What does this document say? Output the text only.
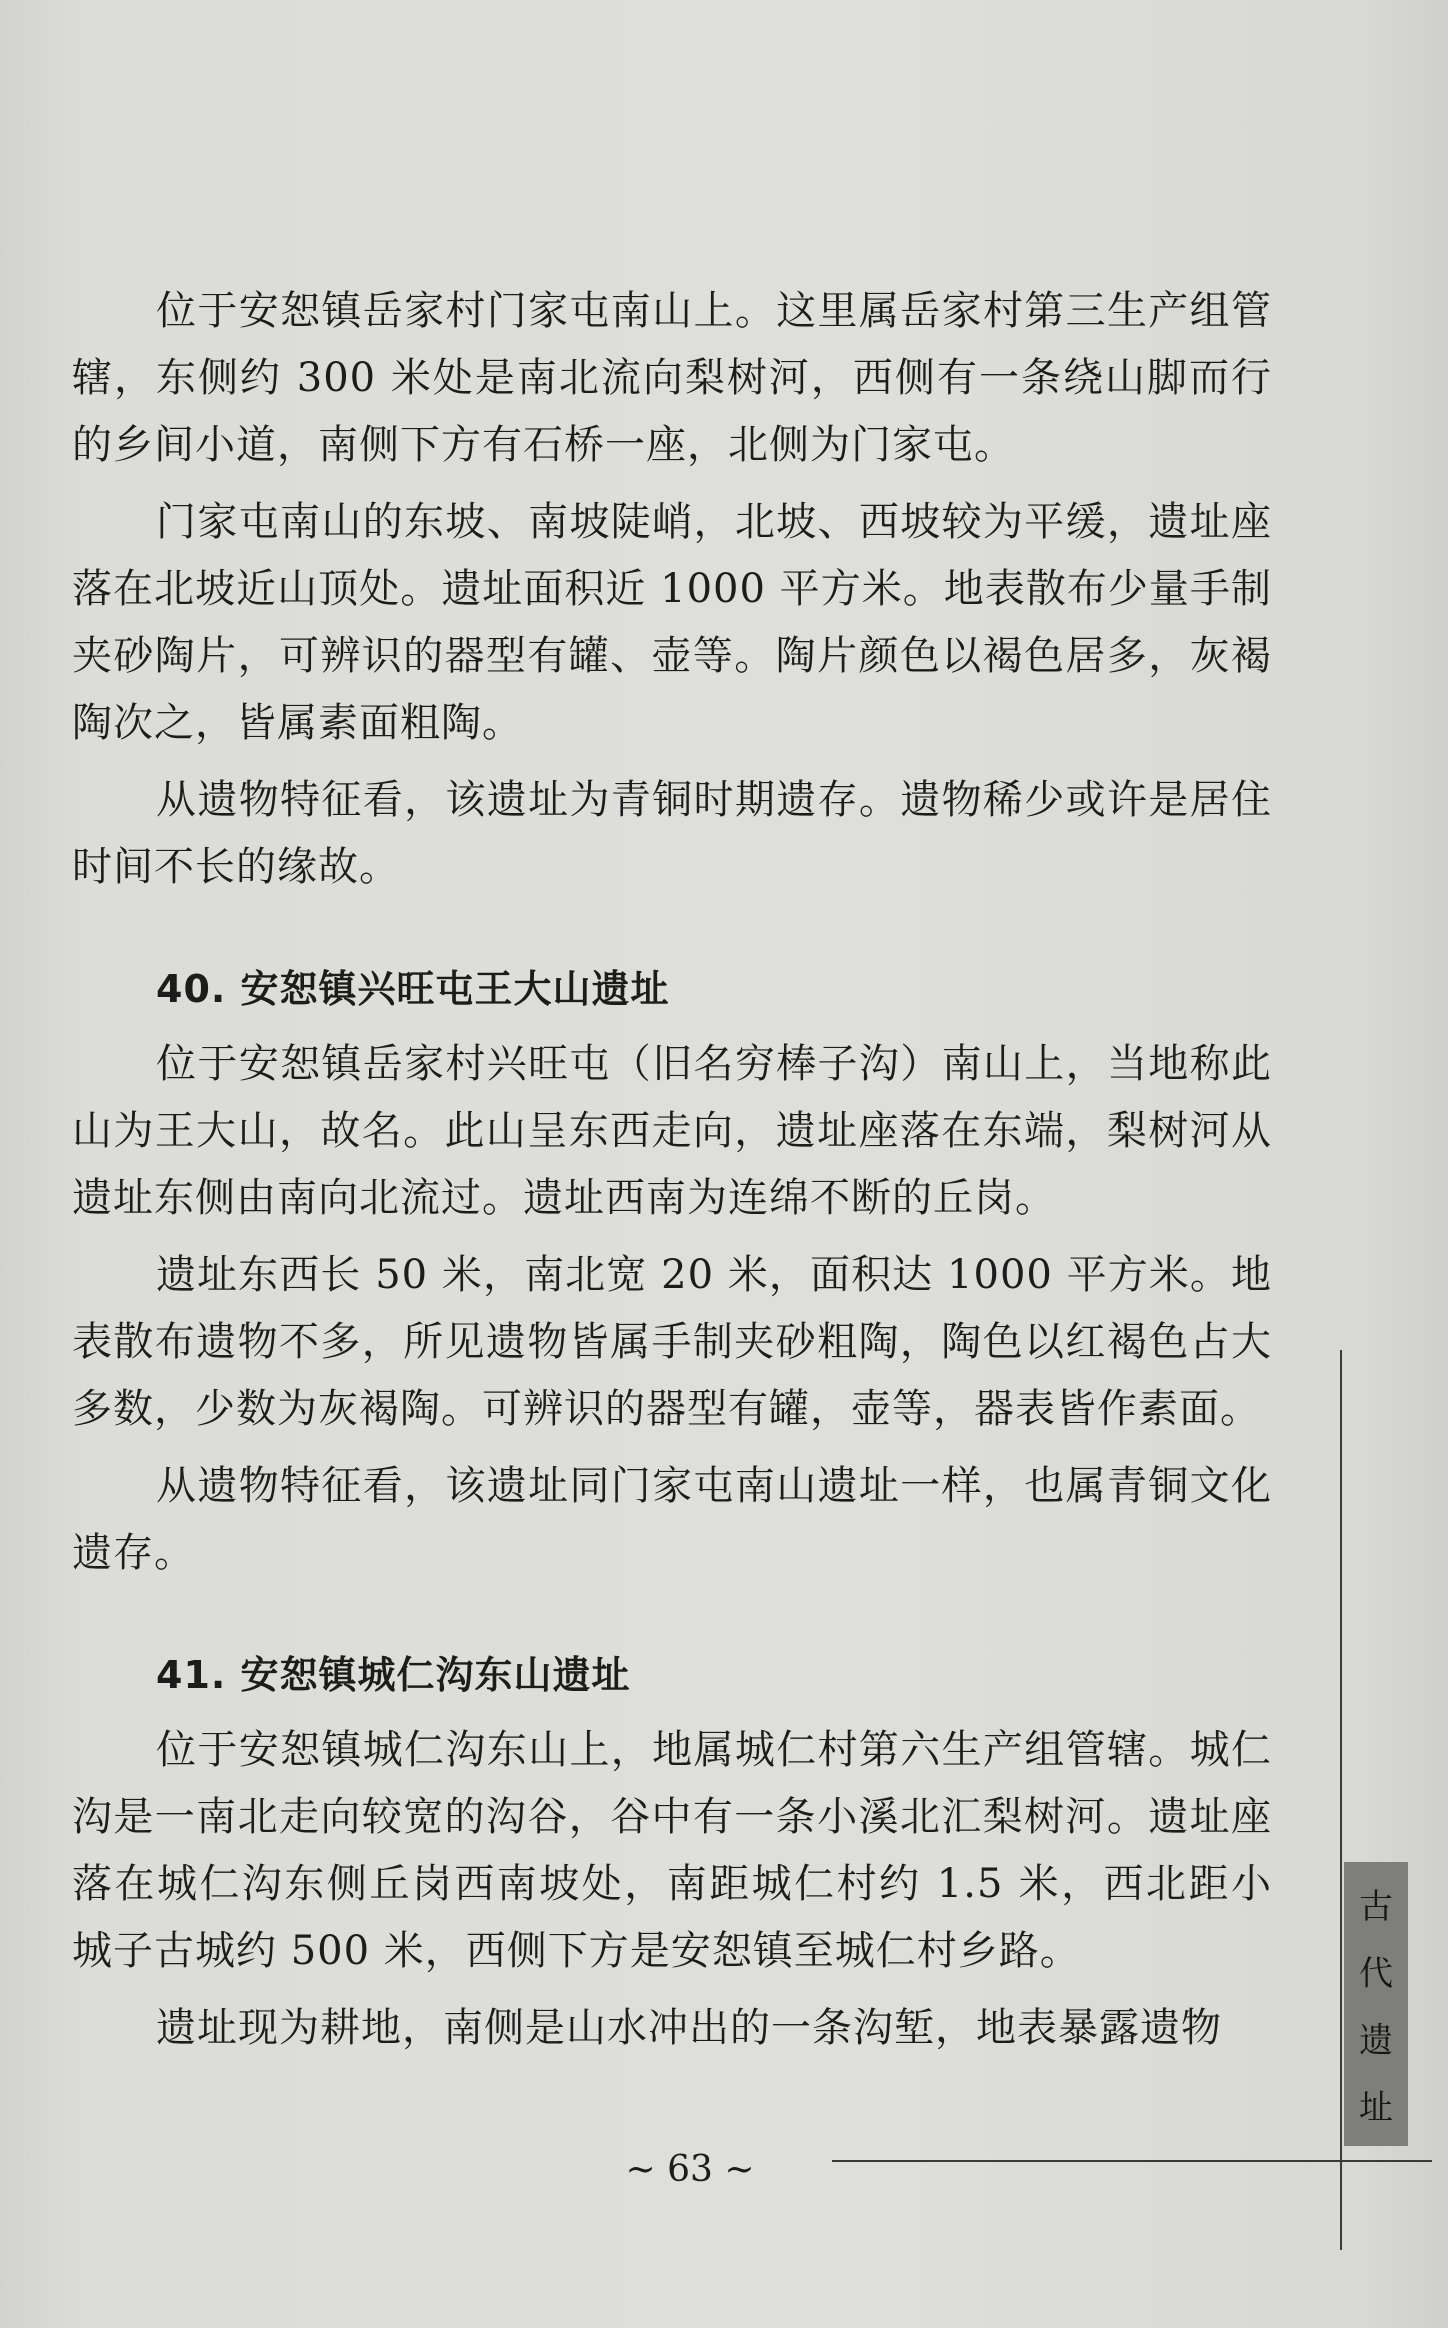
位于安恕镇岳家村门家屯南山上。这里属岳家村第三生产组管辖，东侧约 300 米处是南北流向梨树河，西侧有一条绕山脚而行的乡间小道，南侧下方有石桥一座，北侧为门家屯。

门家屯南山的东坡、南坡陡峭，北坡、西坡较为平缓，遗址座落在北坡近山顶处。遗址面积近 1000 平方米。地表散布少量手制夹砂陶片，可辨识的器型有罐、壶等。陶片颜色以褐色居多，灰褐陶次之，皆属素面粗陶。

从遗物特征看，该遗址为青铜时期遗存。遗物稀少或许是居住时间不长的缘故。

40. 安恕镇兴旺屯王大山遗址

位于安恕镇岳家村兴旺屯（旧名穷棒子沟）南山上，当地称此山为王大山，故名。此山呈东西走向，遗址座落在东端，梨树河从遗址东侧由南向北流过。遗址西南为连绵不断的丘岗。

遗址东西长 50 米，南北宽 20 米，面积达 1000 平方米。地表散布遗物不多，所见遗物皆属手制夹砂粗陶，陶色以红褐色占大多数，少数为灰褐陶。可辨识的器型有罐，壶等，器表皆作素面。

从遗物特征看，该遗址同门家屯南山遗址一样，也属青铜文化遗存。

41. 安恕镇城仁沟东山遗址

位于安恕镇城仁沟东山上，地属城仁村第六生产组管辖。城仁沟是一南北走向较宽的沟谷，谷中有一条小溪北汇梨树河。遗址座落在城仁沟东侧丘岗西南坡处，南距城仁村约 1.5 米，西北距小城子古城约 500 米，西侧下方是安恕镇至城仁村乡路。

遗址现为耕地，南侧是山水冲出的一条沟堑，地表暴露遗物

古
代
遗
址
~ 63 ~
